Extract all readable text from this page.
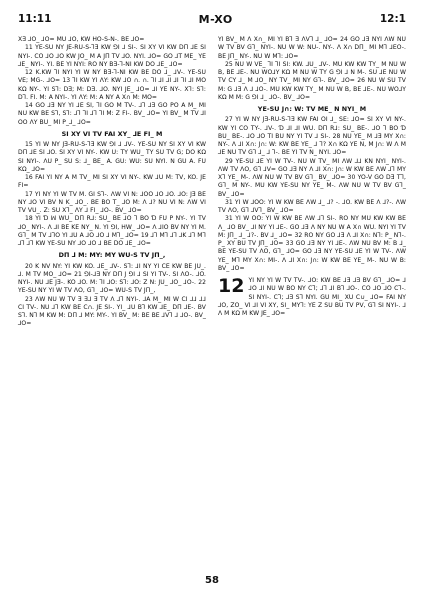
11:11	M-XO	12:1
XƎ ⅃O_ ⅃O= MU ⅃O, KW HO-S-N-. BE ⅃O=
11 YE-SU NY JE-RU-S-⅂Ǝ KW ⅁I ⅃ SI-. SI XY VI KW DΠ ⅃E SI NYI-. CO ⅃O ⅃O KW JO_ M A JΠ TV ⅃O. NYI. ⅃O= GO ⅃T ME_ YE ⅃E_ NYI-. YI. BE YI NYI: RO NY BƎ-⅂-NI KW DO ⅃E_ ⅃O=
12 K.KW ⅂I NYI YI W NY BƎ-⅂-NI KW BE DO ⅃_ ⅃V-. YE-SU VE; MG-. ⅃O= 13 ⅂I KW YI ɅY: KW ⅃O ∩. ∩. ⅂I ⅃I ⅃I ⅃I ⅂I ⅃I MO KΩ NY-. YI S⅂: DƎ; M: DƎ. ⅃O. NYI JE_ ⅃O= ⅃I YE NY-. X⅂: S⅂: D⅂. FI. M: A NYI-. YI ɅY: M: A NY A X∩ M: MO=
14 GO ⅃Ǝ NY YI ⅃E SI, ⅂I GO M TV-. ⅃⅂ ⅃Ǝ GO PO A M_ MI NU KW BE S⅂, S⅂: ⅃⅂ ⅂I ⅃⅂ ⅂I M: Z FI-. BV_ ⅃O= YI BV_ M TV ⅃I OO ɅY BU_ MI P_⅃_ ⅃O=
SI XY VI TV FAI XY_ ⅃E FI_ M
15 YI W NY JƎ-RU-S-⅂Ǝ KW ⅁I ⅃ ⅃V-. YE-SU NY SI XY VI KW DΠ ⅃E SI ⅃O. SI XY VI NY-. KW U: TY WU_ TY SU TV G; DO KΩ SI NYI-. ɅU P_ SU S: ⅃_ BE_ A. GU: WU: SU NYI. N GU A. FU KΩ_ ⅃O=
16 FAI YI NY A M TV_ MI SI XY VI NY-. KW ⅃U M: TV, KO. JE FI=
17 YI NY YI W TV M. GI S⅂-. ɅW VI N: ⅃OO ⅃O ⅃O. ⅃O: JƎ BE NY ⅃O VI BV N K_ ⅃O_. BE BO T_ ⅃O M: Ʌ ⅃? NU VI N: ɅW VI TV VU_. Z: SU X⅂_ ɅY ⅃ FI_ ⅃O-. BV_ ⅃O=
18 YI Ɗ ꟽ WU_ DΠ R⅃: SU_ BE ⅃O ⅂ BO Ɗ FU P NY-. YI TV ⅃O_ NYI-. Ʌ ⅃I BE KE NY_ N. YI ⅁I, HW_ ⅃O= Ʌ ⅃IO BV NY YI M. G⅂_ M TV ⅃⅂O YI ⅃U A ⅃O ⅃O ⅃ M⅂_ ⅃O= 19 ⅃⅂ M⅂ ⅃⅂ ⅃K ⅃⅂ M⅂ ⅃⅂ ⅃⅂ KW YE-SU NY ⅃O ⅃O ⅃ BE DO ⅃E_ ⅃O=
DΠ ⅃ M: MY: MY WU-S TV JΠ_,
20 K NV NY: YI KW KO. ⅃E_ ⅃V-. S⅂: ⅃I NY YI CE KW BE JU_. ⅃. M TV MO_ ⅃O= 21 ⅁I-⅃Ǝ NY DΠ J ⅁I ⅃ SI YI TV-. SI ɅO-. ⅃O. NYI-. NU ⅃E JƎ-. KO ⅃O. M: ⅂I ⅃O: S⅂: ⅃O: Z N: JU_ ⅃O_ ⅃O-. 22 YE-SU NY YI W TV ɅO, G⅂_ ⅃O= WU-S TV JΠ_,
23 ɅW NU W TV Ǝ Ǝ⅃ Ǝ TV Ʌ ⅃⅂ NYI-. ⅃A M_ MI W CI ⅃⅃ ⅃⅃ CI TV-. NU ⅃⅂ KW BE C∩. JE SI-. YI_ ⅃U B⅂ KW ⅃E_ DΠ ⅃E-. BV S⅂. N⅂ M KW M: DΠ ⅃ MY: MY-. YI BV_ M: BE BE ⅃V⅂ ⅃ ⅃O-. BV_ ⅃O=
YI BV_ M Ʌ X∩_ MI YI B⅂ Ǝ ɅV⅂ ⅃_ ⅃O= 24 GO ⅃Ǝ NYI ɅW NU W TV BV G⅂_ NYI-. NU W W: NU-. NY-. Ʌ X∩ DΠ_ MI M⅂ ⅃EO-. BE JΠ_ NY-. NU W M⅂: ⅃O=
25 NU W VE_ ⅂I ⅂I SI: KW. ⅃U_ ⅃V-. MU KW KW TY_ M NU W B, BE ⅃E-. NU WO⅃Y KΩ M NU W TY G ⅁I ⅃ N M-. SU ⅃E NU W TV CY ⅃_ M ⅃O_ NY TV_ MI NY G⅂-. BV_ ⅃O= 26 NU W SU TV M: G ⅃Ǝ Ʌ ⅃ ⅃O-. MU KW KW TY_ M NU W B, BE ⅃E-. NU WO⅃Y KΩ M M: G ⅁I ⅃_ ⅃O-. BV_ ⅃O=
YE-SU J∩: W: TV ME_ N NYI_ M
27 YI W NY JƎ-RU-S-⅂Ǝ KW FAI OI ⅃_ SE: ⅃O= SI XY VI NY-. KW YI CO TY-. ⅃V-. Ɗ ⅃I ⅃I WU. DΠ R⅃: SU_ BE-. ⅃O ⅂ BO Ɗ BU_ BE-. ⅃O ⅃O TI BU NY YI TV ⅃ SI-. 28 NU YE_ M ⅃Ǝ MY X∩: NY-. Ʌ ⅃I X∩: J∩: W: KW BE YE_ ⅃ ⅂? X∩ KΩ YE N, M J∩: W Ʌ M ⅃E NU TV G⅂ ⅃_ ⅃ ⅂-. BE YI TV N_ NYI. ⅃O=
29 YE-SU ⅃E YI W TV-. NU W TV_ MI ɅW ⅃⅃ KN NYI_ NYI-. ɅW TV ɅO, G⅂ ⅃V= GO ⅃Ǝ NY Ʌ ⅃I X∩: J∩: W KW BE ɅW ⅃⅂ MY X⅂ YE_ M-. ɅW NU W TV BV G⅂_ BV_ ⅃O= 30 YO-V GO DƎ T⅂, G⅂_ M NY-. MU KW YE-SU NY YE_ M-. ɅW NU W TV BV G⅂_ BV_ ⅃O=
31 YI W ⅃OO: YI W KW BE ɅW ⅃_ ⅃? -. ⅃O. KW BE Ʌ ⅃?-. ɅW TV ɅO, G⅂ ⅃V⅂_ BV_ ⅃O=
31 YI W OO: YI W KW BE ɅW ⅃⅂ SI-. RO NY MU KW KW BE Ʌ_ ⅃O BV_ ⅃I NY YI ⅃E-. GO ⅃Ǝ Ʌ NY NU W A X∩ WU. NYI YI TV M: JΠ_ ⅃_ ⅃?-. BV ⅃_ ⅃O= 32 RO NY GO ⅃Ǝ Ʌ ⅃I X∩: N⅂: P_ N⅂-. P_ XY BU TV JΠ_ ⅃O= 33 GO ⅃Ǝ NY YI ⅃E-. ɅW NU BV M: B ⅃_ BE YE-SU TV ɅO, G⅂_ ⅃O= GO ⅃Ǝ NY YE-SU ⅃E YI W TV-. ɅW YE_ M⅂ MY X∩: MI-. Ʌ ⅃I X∩: J∩: W KW BE YE_ M-. NU W B: BV_ ⅃O=
12 YI NY YI W TV TV-. ⅃O: KW BE ⅃Ǝ ⅃Ǝ BV G⅂_ ⅃O= ⅃ ⅃O ⅃I NU W BO NY C⅂; ⅃⅂ ⅃I B⅂ ⅃O-. CO ⅃O ⅃O C⅂-. SI NYI-. C⅂; ⅃Ǝ S⅂ NYI. GU MI_ XU C∪_ ⅃O= FAI NY ⅃O, ZO_ VI ⅃I VI XY, SI_ MY⅂: YE Z SU BU TV PV, G⅂ SI NYI-. ⅃ Ʌ M KΩ M KW JE_ ⅃O=
58
